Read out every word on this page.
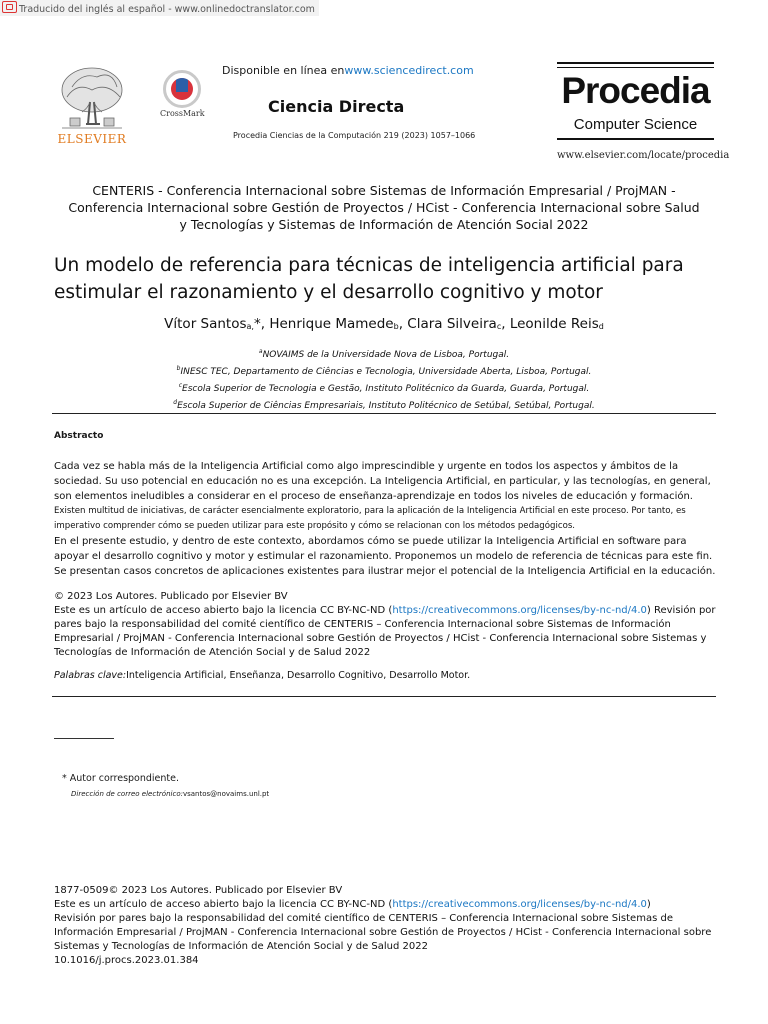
Traducido del inglés al español - www.onlinedoctranslator.com
ELSEVIER
CrossMark
Disponible en línea enwww.sciencedirect.com
Ciencia Directa
Procedia Ciencias de la Computación 219 (2023) 1057–1066
Procedia
Computer Science
www.elsevier.com/locate/procedia
CENTERIS - Conferencia Internacional sobre Sistemas de Información Empresarial / ProjMAN -
Conferencia Internacional sobre Gestión de Proyectos / HCist - Conferencia Internacional sobre Salud
y Tecnologías y Sistemas de Información de Atención Social 2022
Un modelo de referencia para técnicas de inteligencia artificial para
estimular el razonamiento y el desarrollo cognitivo y motor
Vítor Santos$_{a,}$*, Henrique Mamede$_b$, Clara Silveira$_c$, Leonilde Reis$_d$
$^a$NOVAIMS de la Universidade Nova de Lisboa, Portugal.
$^b$INESC TEC, Departamento de Ciências e Tecnologia, Universidade Aberta, Lisboa, Portugal.
$^c$Escola Superior de Tecnologia e Gestão, Instituto Politécnico da Guarda, Guarda, Portugal.
$^d$Escola Superior de Ciências Empresariais, Instituto Politécnico de Setúbal, Setúbal, Portugal.
Abstracto

Cada vez se habla más de la Inteligencia Artificial como algo imprescindible y urgente en todos los aspectos y ámbitos de la sociedad. Su uso potencial en educación no es una excepción. La Inteligencia Artificial, en particular, y las tecnologías, en general, son elementos ineludibles a considerar en el proceso de enseñanza-aprendizaje en todos los niveles de educación y formación.

Existen multitud de iniciativas, de carácter esencialmente exploratorio, para la aplicación de la Inteligencia Artificial en este proceso. Por tanto, es imperativo comprender cómo se pueden utilizar para este propósito y cómo se relacionan con los métodos pedagógicos.

En el presente estudio, y dentro de este contexto, abordamos cómo se puede utilizar la Inteligencia Artificial en software para apoyar el desarrollo cognitivo y motor y estimular el razonamiento. Proponemos un modelo de referencia de técnicas para este fin. Se presentan casos concretos de aplicaciones existentes para ilustrar mejor el potencial de la Inteligencia Artificial en la educación.

© 2023 Los Autores. Publicado por Elsevier BV
Este es un artículo de acceso abierto bajo la licencia CC BY-NC-ND (https://creativecommons.org/licenses/by-nc-nd/4.0) Revisión por pares bajo la responsabilidad del comité científico de CENTERIS – Conferencia Internacional sobre Sistemas de Información Empresarial / ProjMAN - Conferencia Internacional sobre Gestión de Proyectos / HCist - Conferencia Internacional sobre Sistemas y Tecnologías de Información de Atención Social y de Salud 2022
Palabras clave:Inteligencia Artificial, Enseñanza, Desarrollo Cognitivo, Desarrollo Motor.
* Autor correspondiente.
Dirección de correo electrónico:vsantos@novaims.unl.pt
1877-0509© 2023 Los Autores. Publicado por Elsevier BV
Este es un artículo de acceso abierto bajo la licencia CC BY-NC-ND (https://creativecommons.org/licenses/by-nc-nd/4.0)
Revisión por pares bajo la responsabilidad del comité científico de CENTERIS – Conferencia Internacional sobre Sistemas de Información Empresarial / ProjMAN - Conferencia Internacional sobre Gestión de Proyectos / HCist - Conferencia Internacional sobre Sistemas y Tecnologías de Información de Atención Social y de Salud 2022
10.1016/j.procs.2023.01.384
